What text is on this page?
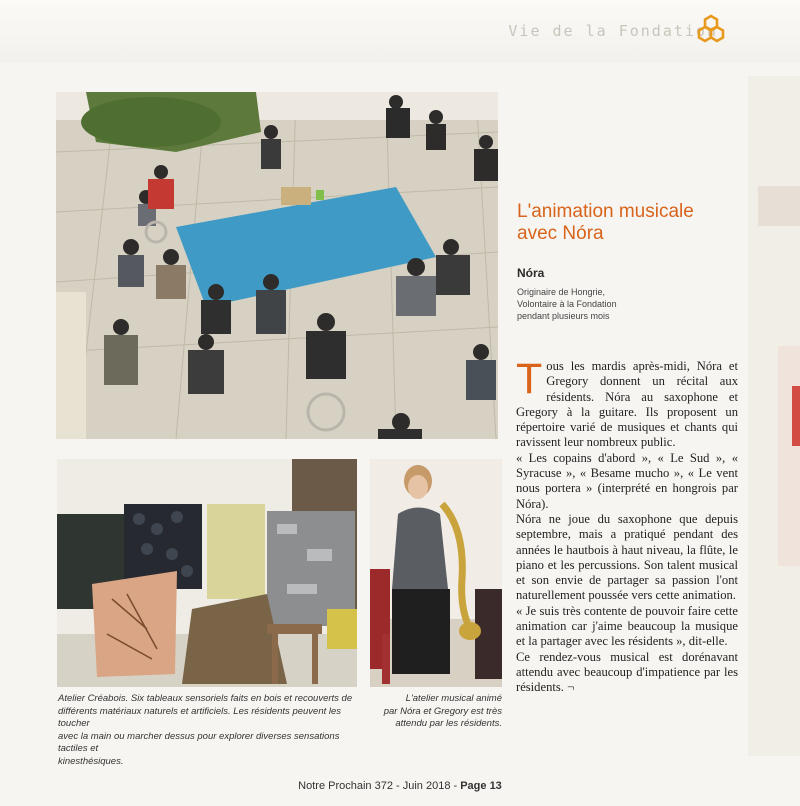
Vie de la Fondation
L'animation musicale
avec Nóra
Nóra
Originaire de Hongrie,
Volontaire à la Fondation
pendant plusieurs mois

Tous les mardis après-midi, Nóra et Gregory donnent un récital aux résidents. Nóra au saxophone et Gregory à la guitare. Ils proposent un répertoire varié de musiques et chants qui ravissent leur nombreux public.

« Les copains d'abord », « Le Sud », « Syracuse », « Besame mucho », « Le vent nous portera » (interprété en hongrois par Nóra).

Nóra ne joue du saxophone que depuis septembre, mais a pratiqué pendant des années le hautbois à haut niveau, la flûte, le piano et les percussions. Son talent musical et son envie de partager sa passion l'ont naturellement poussée vers cette animation.

« Je suis très contente de pouvoir faire cette animation car j'aime beaucoup la musique et la partager avec les résidents », dit-elle.

Ce rendez-vous musical est dorénavant attendu avec beaucoup d'impatience par les résidents. ¬

Atelier Créabois. Six tableaux sensoriels faits en bois et recouverts de
différents matériaux naturels et artificiels. Les résidents peuvent les toucher
avec la main ou marcher dessus pour explorer diverses sensations tactiles et
kinesthésiques.
L'atelier musical animé
par Nóra et Gregory est très
attendu par les résidents.
Notre Prochain 372 - Juin 2018 - Page 13
